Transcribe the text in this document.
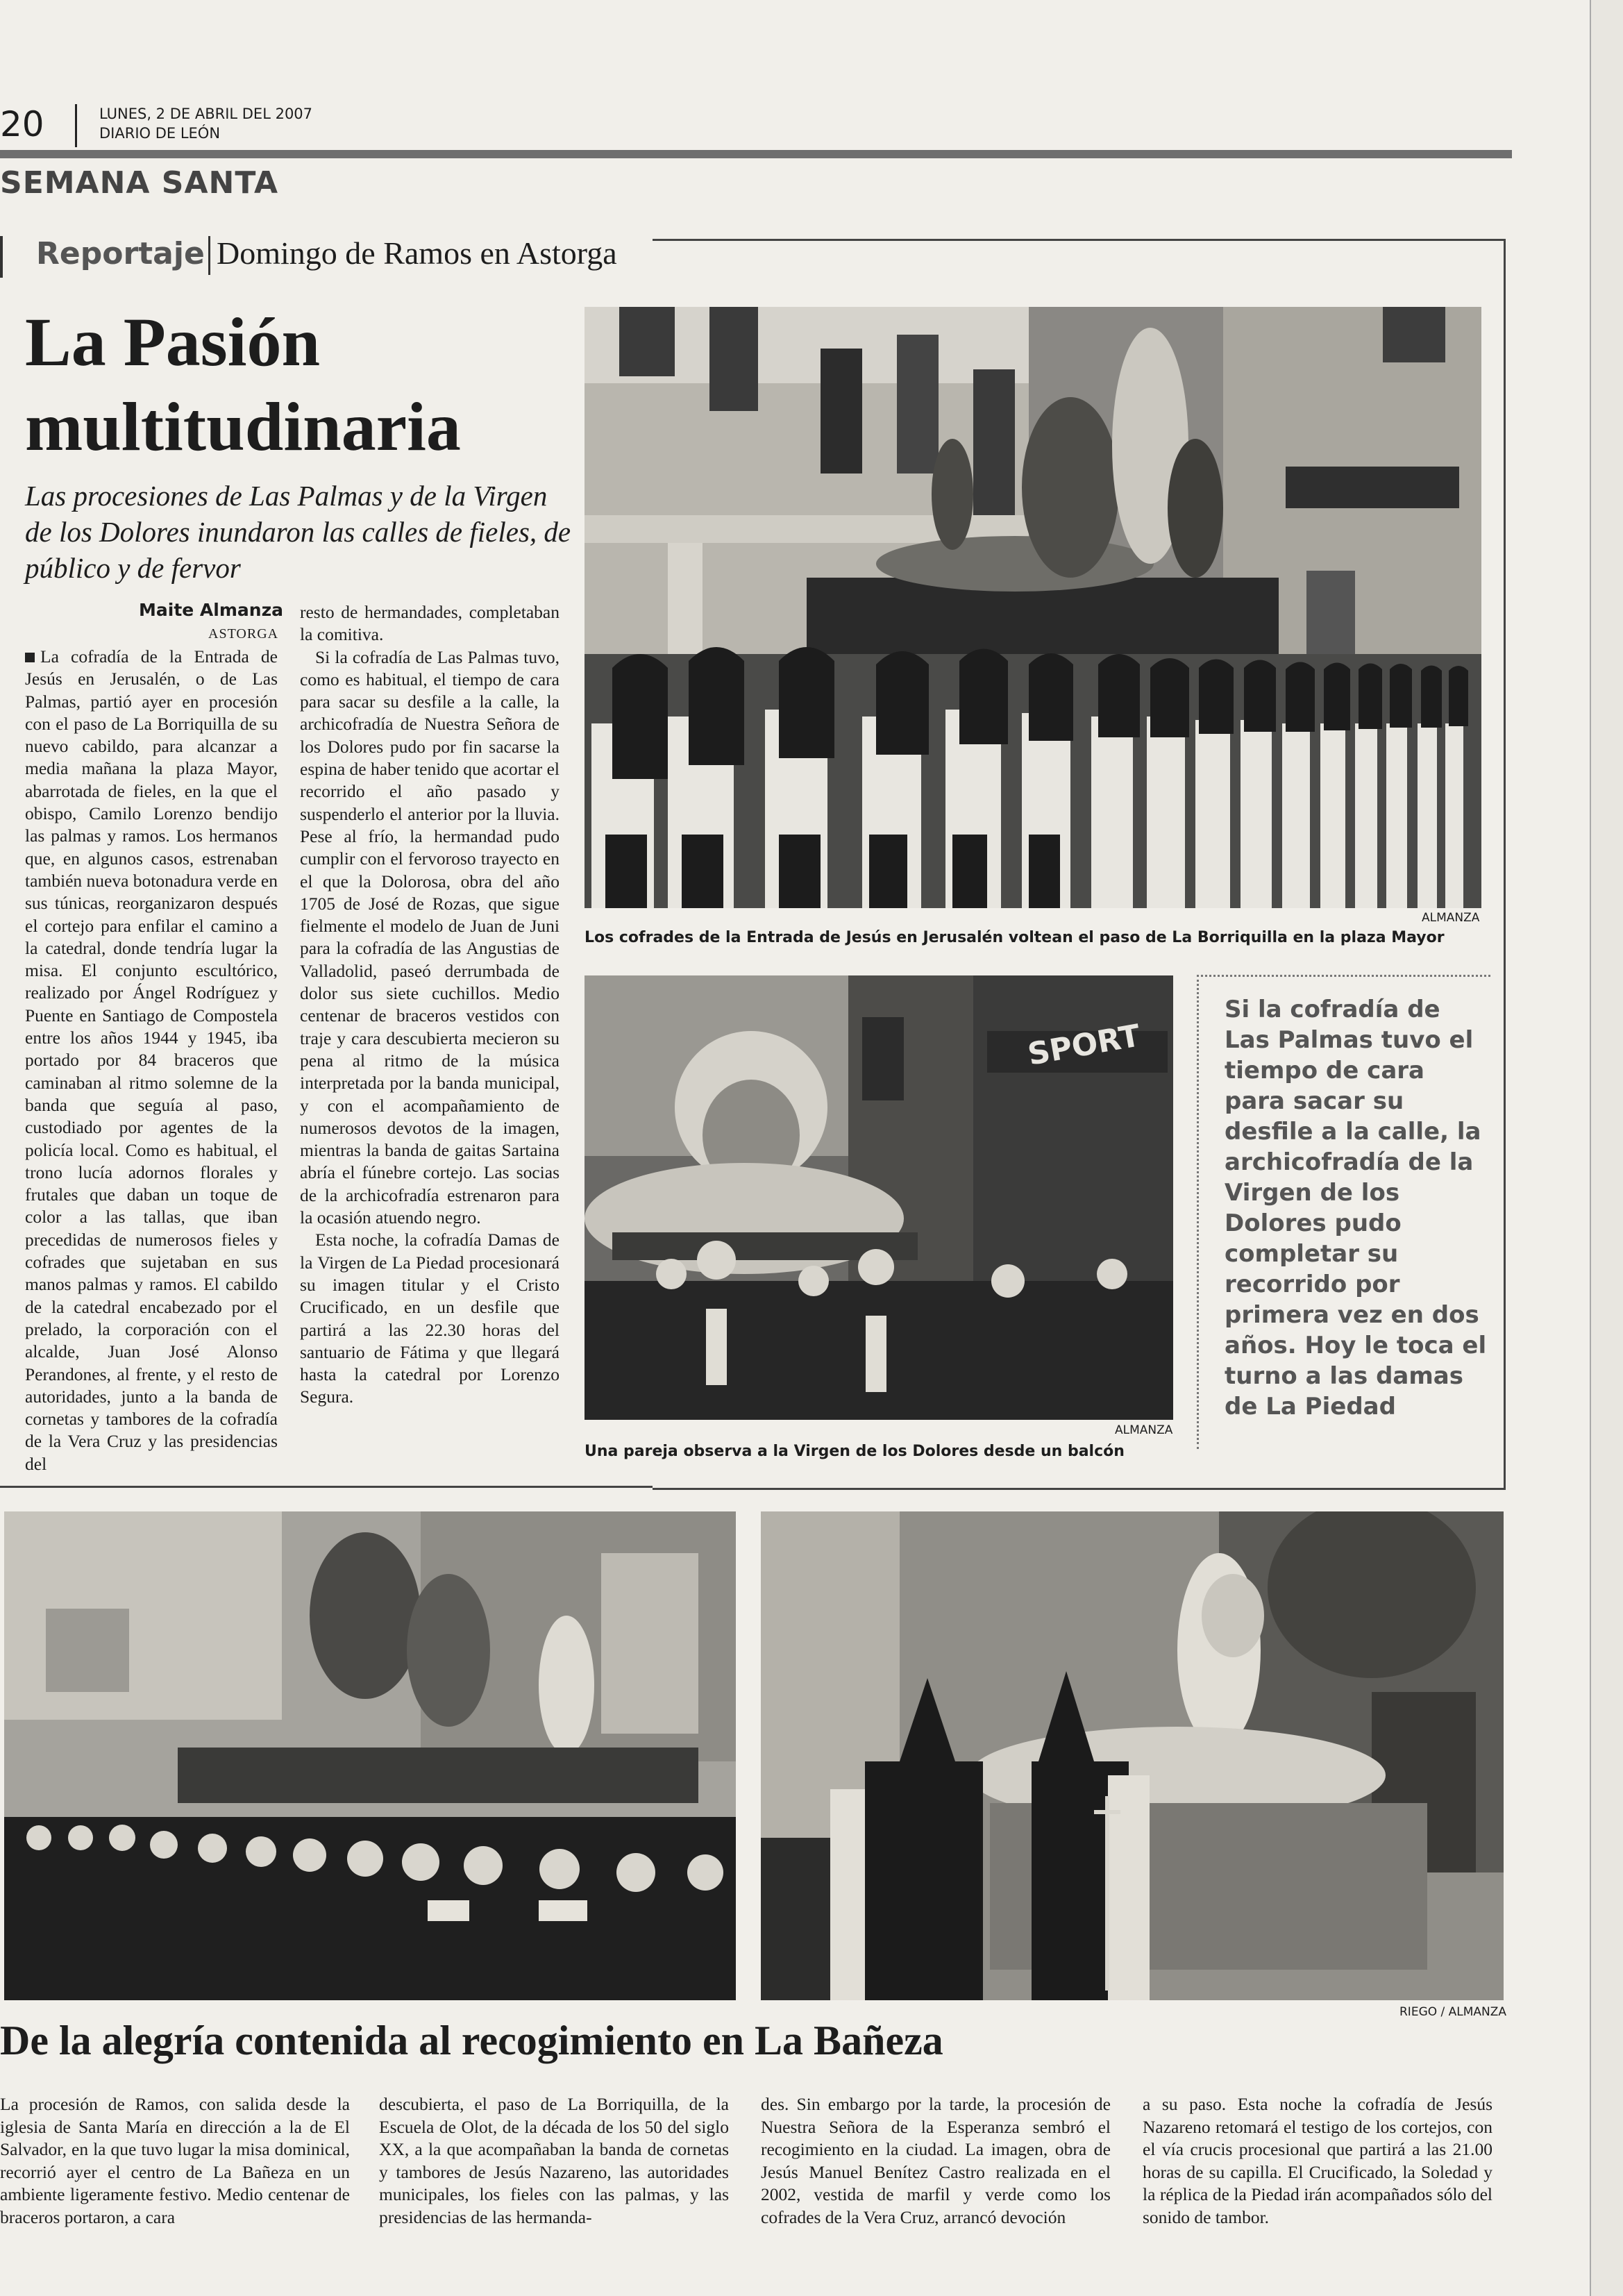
20	LUNES, 2 DE ABRIL DEL 2007
DIARIO DE LEÓN
SEMANA SANTA
Reportaje Domingo de Ramos en Astorga
La Pasión multitudinaria
Las procesiones de Las Palmas y de la Virgen de los Dolores inundaron las calles de fieles, de público y de fervor
Maite Almanza
ASTORGA
La cofradía de la Entrada de Jesús en Jerusalén, o de Las Palmas, partió ayer en procesión con el paso de La Borriquilla de su nuevo cabildo, para alcanzar a media mañana la plaza Mayor, abarrotada de fieles, en la que el obispo, Camilo Lorenzo bendijo las palmas y ramos. Los hermanos que, en algunos casos, estrenaban también nueva botonadura verde en sus túnicas, reorganizaron después el cortejo para enfilar el camino a la catedral, donde tendría lugar la misa. El conjunto escultórico, realizado por Ángel Rodríguez y Puente en Santiago de Compostela entre los años 1944 y 1945, iba portado por 84 braceros que caminaban al ritmo solemne de la banda que seguía al paso, custodiado por agentes de la policía local. Como es habitual, el trono lucía adornos florales y frutales que daban un toque de color a las tallas, que iban precedidas de numerosos fieles y cofrades que sujetaban en sus manos palmas y ramos. El cabildo de la catedral encabezado por el prelado, la corporación con el alcalde, Juan José Alonso Perandones, al frente, y el resto de autoridades, junto a la banda de cornetas y tambores de la cofradía de la Vera Cruz y las presidencias del
resto de hermandades, completaban la comitiva.
Si la cofradía de Las Palmas tuvo, como es habitual, el tiempo de cara para sacar su desfile a la calle, la archicofradía de Nuestra Señora de los Dolores pudo por fin sacarse la espina de haber tenido que acortar el recorrido el año pasado y suspenderlo el anterior por la lluvia. Pese al frío, la hermandad pudo cumplir con el fervoroso trayecto en el que la Dolorosa, obra del año 1705 de José de Rozas, que sigue fielmente el modelo de Juan de Juni para la cofradía de las Angustias de Valladolid, paseó derrumbada de dolor sus siete cuchillos. Medio centenar de braceros vestidos con traje y cara descubierta mecieron su pena al ritmo de la música interpretada por la banda municipal, y con el acompañamiento de numerosos devotos de la imagen, mientras la banda de gaitas Sartaina abría el fúnebre cortejo. Las socias de la archicofradía estrenaron para la ocasión atuendo negro.
Esta noche, la cofradía Damas de la Virgen de La Piedad procesionará su imagen titular y el Cristo Crucificado, en un desfile que partirá a las 22.30 horas del santuario de Fátima y que llegará hasta la catedral por Lorenzo Segura.
Los cofrades de la Entrada de Jesús en Jerusalén voltean el paso de La Borriquilla en la plaza Mayor
ALMANZA
SPORT
Una pareja observa a la Virgen de los Dolores desde un balcón
ALMANZA
Si la cofradía de Las Palmas tuvo el tiempo de cara para sacar su desfile a la calle, la archicofradía de la Virgen de los Dolores pudo completar su recorrido por primera vez en dos años. Hoy le toca el turno a las damas de La Piedad
RIEGO / ALMANZA
De la alegría contenida al recogimiento en La Bañeza
La procesión de Ramos, con salida desde la iglesia de Santa María en dirección a la de El Salvador, en la que tuvo lugar la misa dominical, recorrió ayer el centro de La Bañeza en un ambiente ligeramente festivo. Medio centenar de braceros portaron, a cara
descubierta, el paso de La Borriquilla, de la Escuela de Olot, de la década de los 50 del siglo XX, a la que acompañaban la banda de cornetas y tambores de Jesús Nazareno, las autoridades municipales, los fieles con las palmas, y las presidencias de las hermanda-
des. Sin embargo por la tarde, la procesión de Nuestra Señora de la Esperanza sembró el recogimiento en la ciudad. La imagen, obra de Jesús Manuel Benítez Castro realizada en el 2002, vestida de marfil y verde como los cofrades de la Vera Cruz, arrancó devoción
a su paso. Esta noche la cofradía de Jesús Nazareno retomará el testigo de los cortejos, con el vía crucis procesional que partirá a las 21.00 horas de su capilla. El Crucificado, la Soledad y la réplica de la Piedad irán acompañados sólo del sonido de tambor.
